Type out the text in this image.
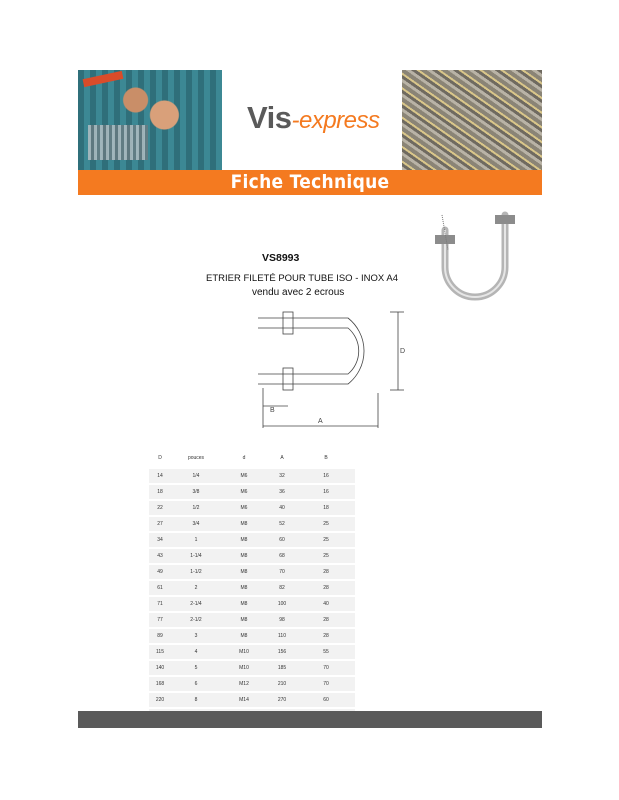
Vis-express
Fiche Technique
VS8993
ETRIER FILETÉ POUR TUBE ISO - INOX A4
vendu avec 2 ecrous
D
A
B
D	pouces	d	A	B	
14	1/4	M6	32	16	
18	3/8	M6	36	16	
22	1/2	M6	40	18	
27	3/4	M8	52	25	
34	1	M8	60	25	
43	1-1/4	M8	68	25	
49	1-1/2	M8	70	28	
61	2	M8	82	28	
71	2-1/4	M8	100	40	
77	2-1/2	M8	98	28	
89	3	M8	110	28	
115	4	M10	156	55	
140	5	M10	185	70	
168	6	M12	210	70	
220	8	M14	270	60	
